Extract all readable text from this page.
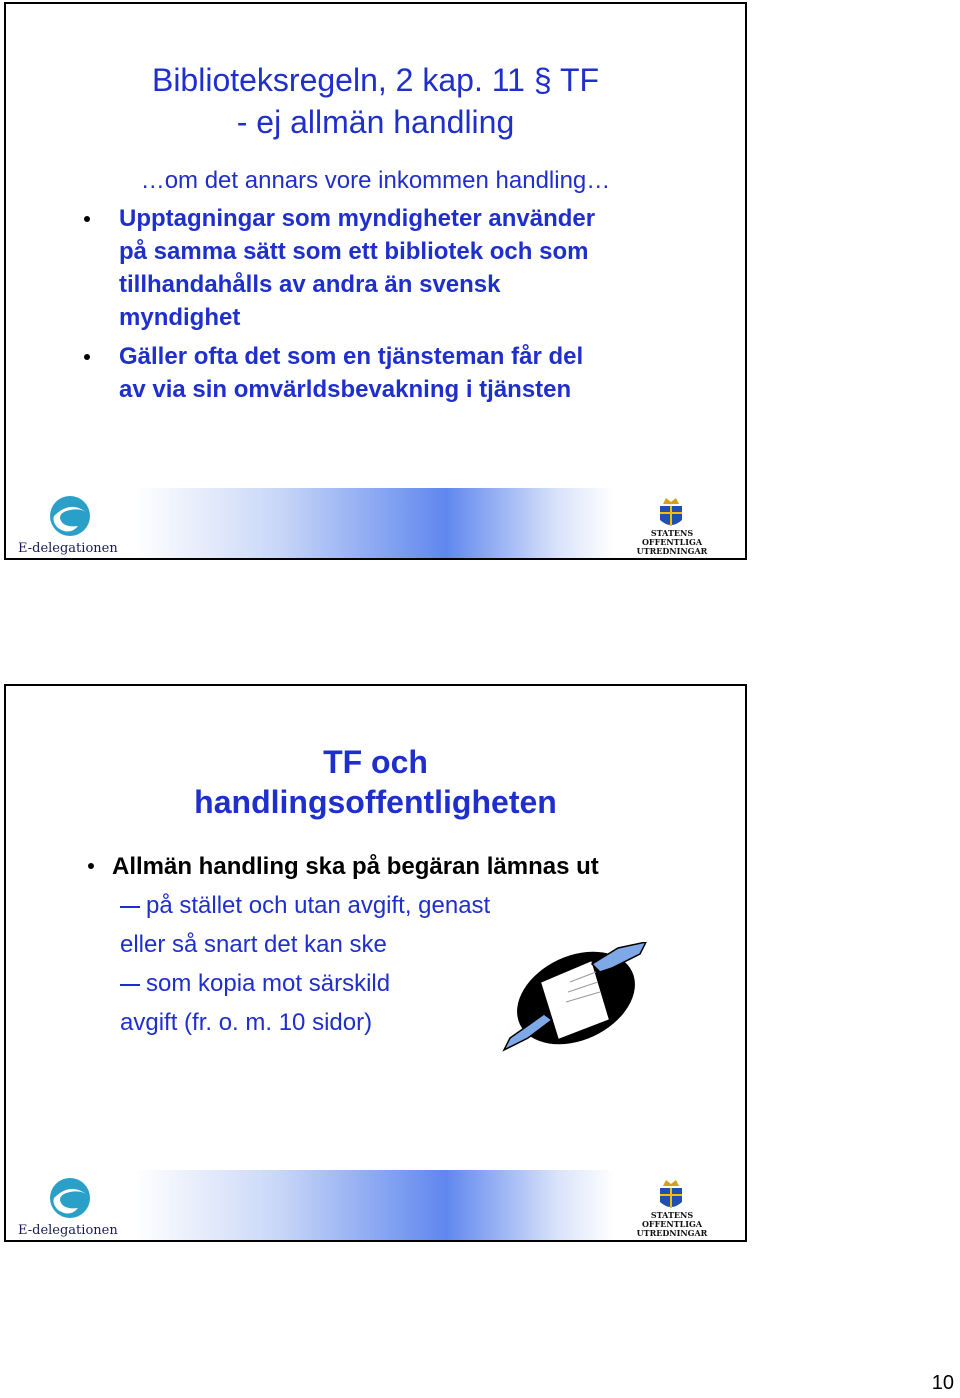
Biblioteksregeln, 2 kap. 11 § TF
- ej allmän handling
…om det annars vore inkommen handling…
Upptagningar som myndigheter använder
på samma sätt som ett bibliotek och som
tillhandahålls av andra än svensk
myndighet
Gäller ofta det som en tjänsteman får del
av via sin omvärldsbevakning i tjänsten
E-delegationen
STATENS OFFENTLIGA
UTREDNINGAR
TF och
handlingsoffentligheten
Allmän handling ska på begäran lämnas ut
på stället och utan avgift, genast
eller så snart det kan ske
som kopia mot särskild
avgift (fr. o. m. 10 sidor)
E-delegationen
STATENS OFFENTLIGA
UTREDNINGAR
10
